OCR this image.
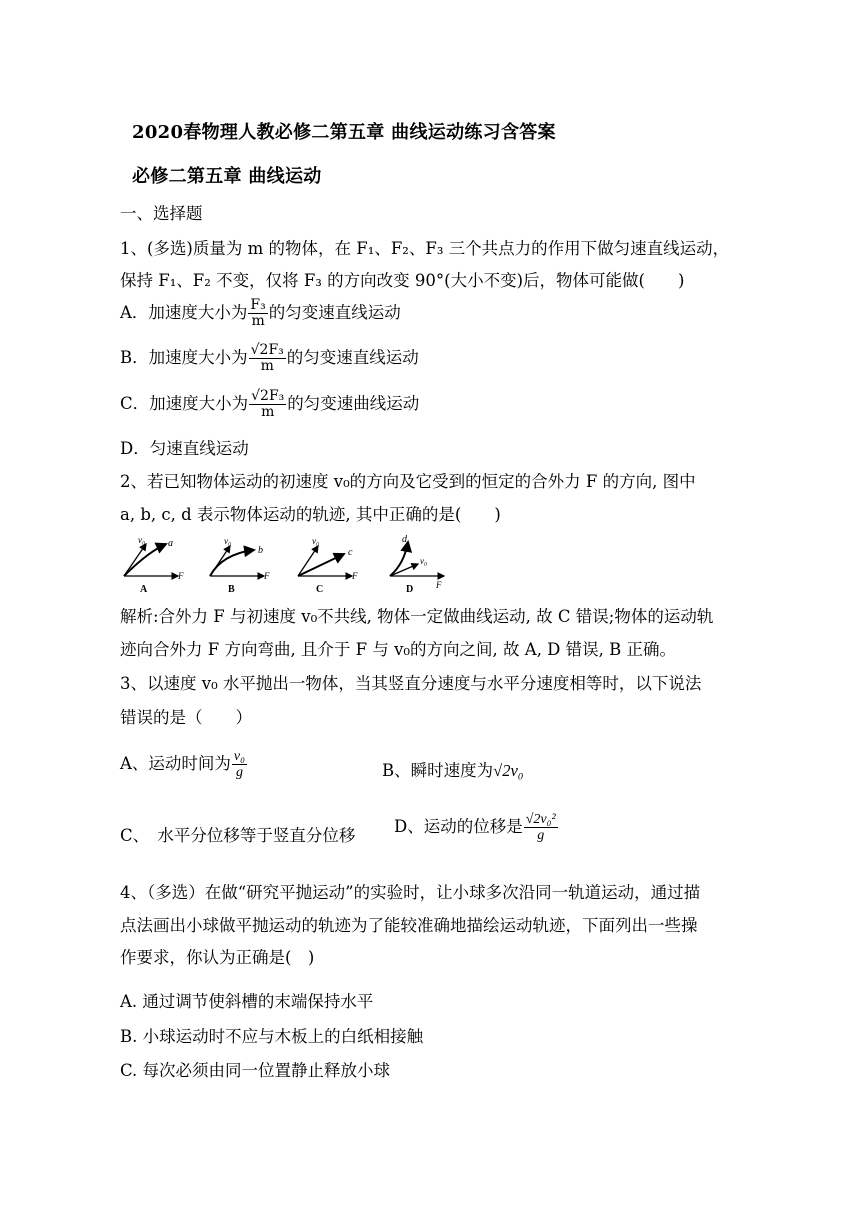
2020春物理人教必修二第五章 曲线运动练习含答案
必修二第五章 曲线运动
一、选择题
1、(多选)质量为 m 的物体，在 F₁、F₂、F₃ 三个共点力的作用下做匀速直线运动，
保持 F₁、F₂ 不变，仅将 F₃ 的方向改变 90°(大小不变)后，物体可能做(　　)
A．加速度大小为 $\frac{\text{F₃}}{m}$ 的匀变速直线运动
B．加速度大小为 $\frac{\text{√2F₃}}{m}$ 的匀变速直线运动
C．加速度大小为 $\frac{\text{√2F₃}}{m}$ 的匀变速曲线运动
D．匀速直线运动
2、若已知物体运动的初速度 v₀的方向及它受到的恒定的合外力 F 的方向, 图中
a, b, c, d 表示物体运动的轨迹, 其中正确的是(　　)
v₀ a
F
A
v₀
b
F
B
v₀
c
F
C
v₀
d
F
D
解析:合外力 F 与初速度 v₀不共线, 物体一定做曲线运动, 故 C 错误;物体的运动轨
迹向合外力 F 方向弯曲, 且介于 F 与 v₀的方向之间, 故 A, D 错误, B 正确。
3、以速度 v₀ 水平抛出一物体，当其竖直分速度与水平分速度相等时，以下说法
错误的是（　　）
A、运动时间为 $\frac{\text{v₀}}{g}$	B、瞬时速度为√2v₀
C、　水平分位移等于竖直分位移 D、运动的位移是 $\frac{\text{√2v₀²}}{g}$
4、（多选）在做“研究平抛运动”的实验时，让小球多次沿同一轨道运动，通过描
点法画出小球做平抛运动的轨迹为了能较准确地描绘运动轨迹，下面列出一些操
作要求，你认为正确是(　)
A. 通过调节使斜槽的末端保持水平
B. 小球运动时不应与木板上的白纸相接触
C. 每次必须由同一位置静止释放小球
